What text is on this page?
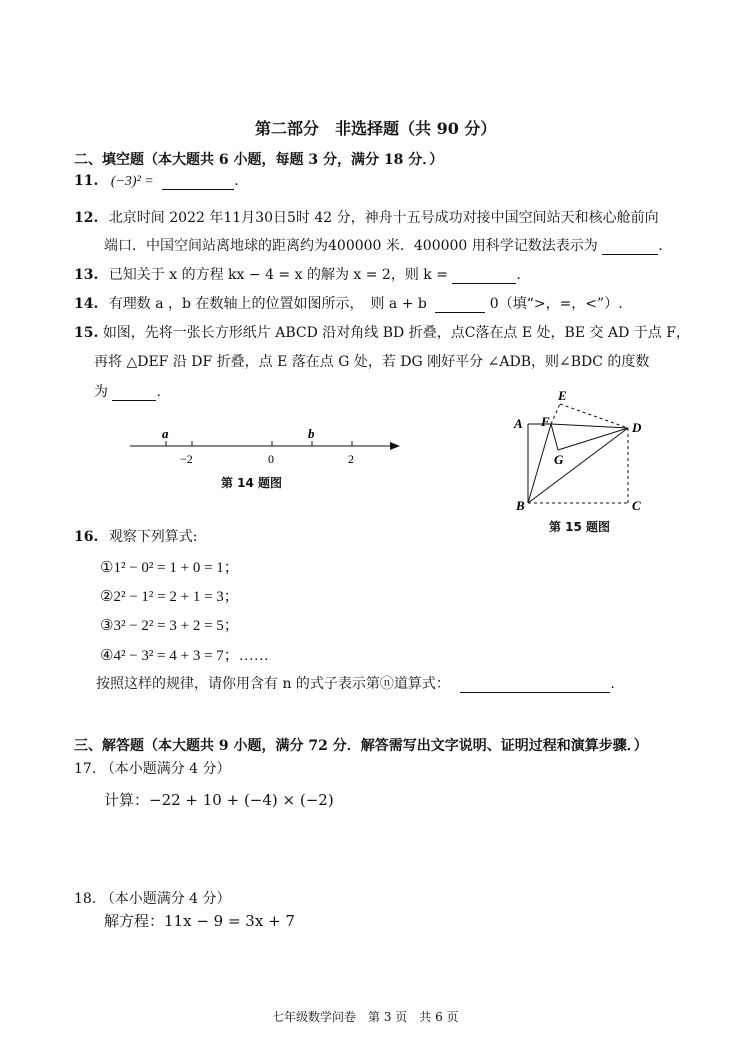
第二部分　非选择题（共 90 分）
二、填空题（本大题共 6 小题，每题 3 分，满分 18 分．）
11. (−3)² =	.
12. 北京时间 2022 年11月30日5时 42 分，神舟十五号成功对接中国空间站天和核心舱前向
端口．中国空间站离地球的距离约为400000 米．400000 用科学记数法表示为	.
13. 已知关于 x 的方程 kx − 4 = x 的解为 x = 2，则 k =	.
14. 有理数 a ，b 在数轴上的位置如图所示，　则 a + b	0（填“>，=，<”）.
15. 如图，先将一张长方形纸片 ABCD 沿对角线 BD 折叠，点C落在点 E 处，BE 交 AD 于点 F，
再将 △DEF 沿 DF 折叠，点 E 落在点 G 处，若 DG 刚好平分 ∠ADB，则∠BDC 的度数
为	.
a	b
−2	0	2
第 14 题图
E
A F	D
G
B	C
第 15 题图
16. 观察下列算式:
①1² − 0² = 1 + 0 = 1；
②2² − 1² = 2 + 1 = 3；
③3² − 2² = 3 + 2 = 5；
④4² − 3² = 4 + 3 = 7；……
按照这样的规律，请你用含有 n 的式子表示第ⓝ道算式：	.
三、解答题（本大题共 9 小题，满分 72 分．解答需写出文字说明、证明过程和演算步骤．）
17. （本小题满分 4 分）
计算：−22 + 10 + (−4) × (−2)
18. （本小题满分 4 分）
解方程：11x − 9 = 3x + 7
七年级数学问卷　第 3 页　共 6 页
